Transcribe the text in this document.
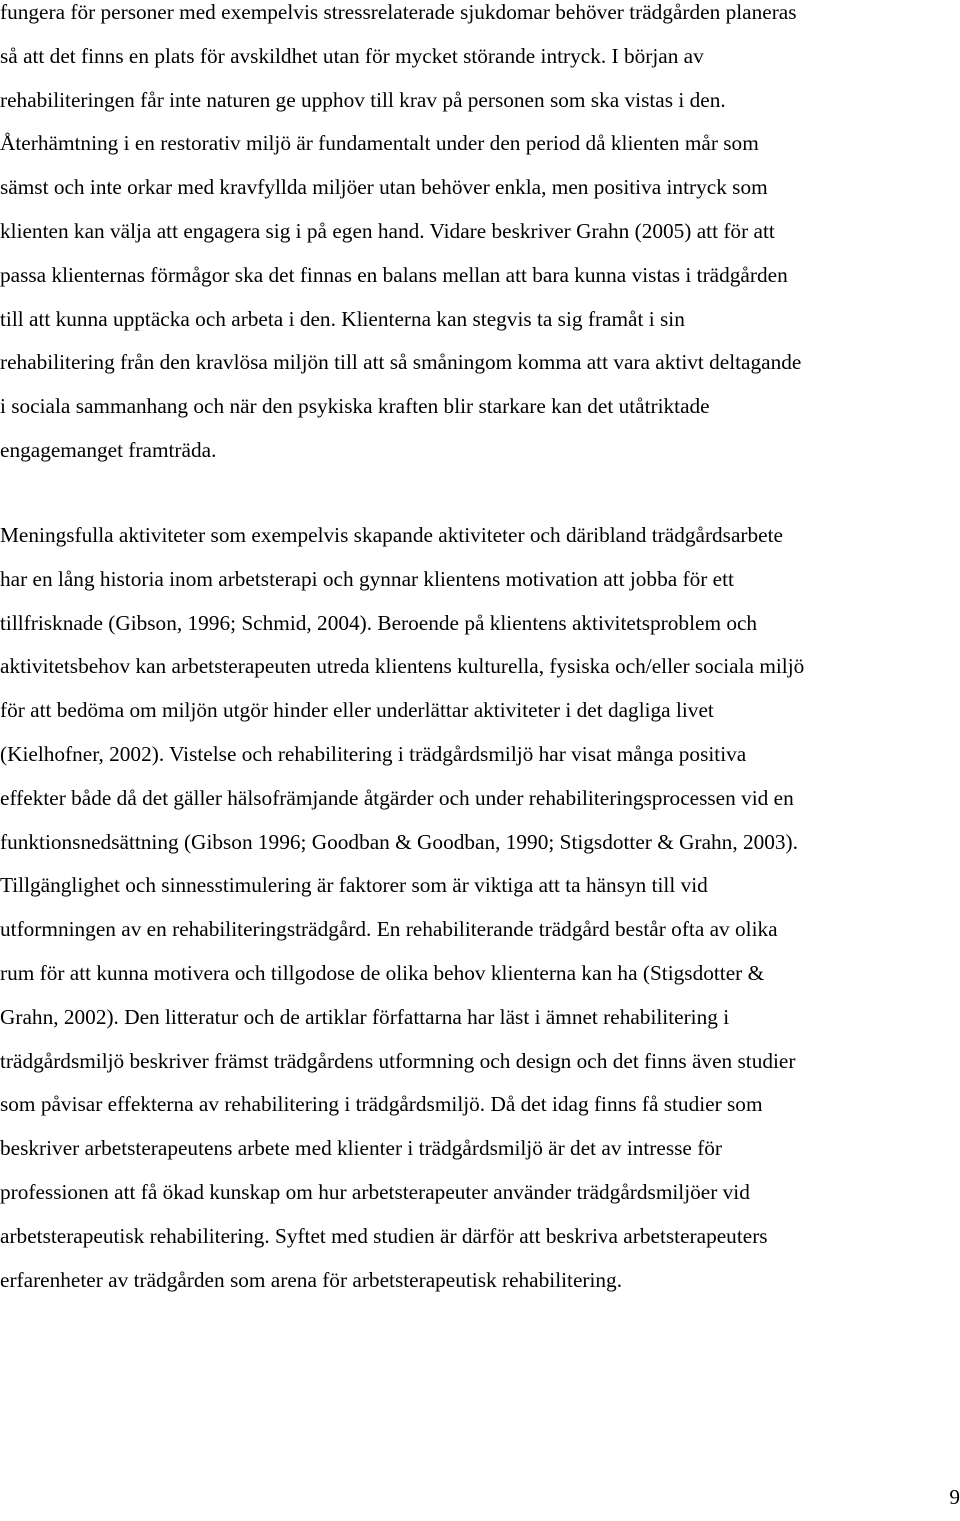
fungera för personer med exempelvis stressrelaterade sjukdomar behöver trädgården planeras
så att det finns en plats för avskildhet utan för mycket störande intryck. I början av
rehabiliteringen får inte naturen ge upphov till krav på personen som ska vistas i den.
Återhämtning i en restorativ miljö är fundamentalt under den period då klienten mår som
sämst och inte orkar med kravfyllda miljöer utan behöver enkla, men positiva intryck som
klienten kan välja att engagera sig i på egen hand. Vidare beskriver Grahn (2005) att för att
passa klienternas förmågor ska det finnas en balans mellan att bara kunna vistas i trädgården
till att kunna upptäcka och arbeta i den. Klienterna kan stegvis ta sig framåt i sin
rehabilitering från den kravlösa miljön till att så småningom komma att vara aktivt deltagande
i sociala sammanhang och när den psykiska kraften blir starkare kan det utåtriktade
engagemanget framträda.
Meningsfulla aktiviteter som exempelvis skapande aktiviteter och däribland trädgårdsarbete
har en lång historia inom arbetsterapi och gynnar klientens motivation att jobba för ett
tillfrisknade (Gibson, 1996; Schmid, 2004). Beroende på klientens aktivitetsproblem och
aktivitetsbehov kan arbetsterapeuten utreda klientens kulturella, fysiska och/eller sociala miljö
för att bedöma om miljön utgör hinder eller underlättar aktiviteter i det dagliga livet
(Kielhofner, 2002). Vistelse och rehabilitering i trädgårdsmiljö har visat många positiva
effekter både då det gäller hälsofrämjande åtgärder och under rehabiliteringsprocessen vid en
funktionsnedsättning (Gibson 1996; Goodban & Goodban, 1990; Stigsdotter & Grahn, 2003).
Tillgänglighet och sinnesstimulering är faktorer som är viktiga att ta hänsyn till vid
utformningen av en rehabiliteringsträdgård. En rehabiliterande trädgård består ofta av olika
rum för att kunna motivera och tillgodose de olika behov klienterna kan ha (Stigsdotter &
Grahn, 2002). Den litteratur och de artiklar författarna har läst i ämnet rehabilitering i
trädgårdsmiljö beskriver främst trädgårdens utformning och design och det finns även studier
som påvisar effekterna av rehabilitering i trädgårdsmiljö. Då det idag finns få studier som
beskriver arbetsterapeutens arbete med klienter i trädgårdsmiljö är det av intresse för
professionen att få ökad kunskap om hur arbetsterapeuter använder trädgårdsmiljöer vid
arbetsterapeutisk rehabilitering. Syftet med studien är därför att beskriva arbetsterapeuters
erfarenheter av trädgården som arena för arbetsterapeutisk rehabilitering.
9
